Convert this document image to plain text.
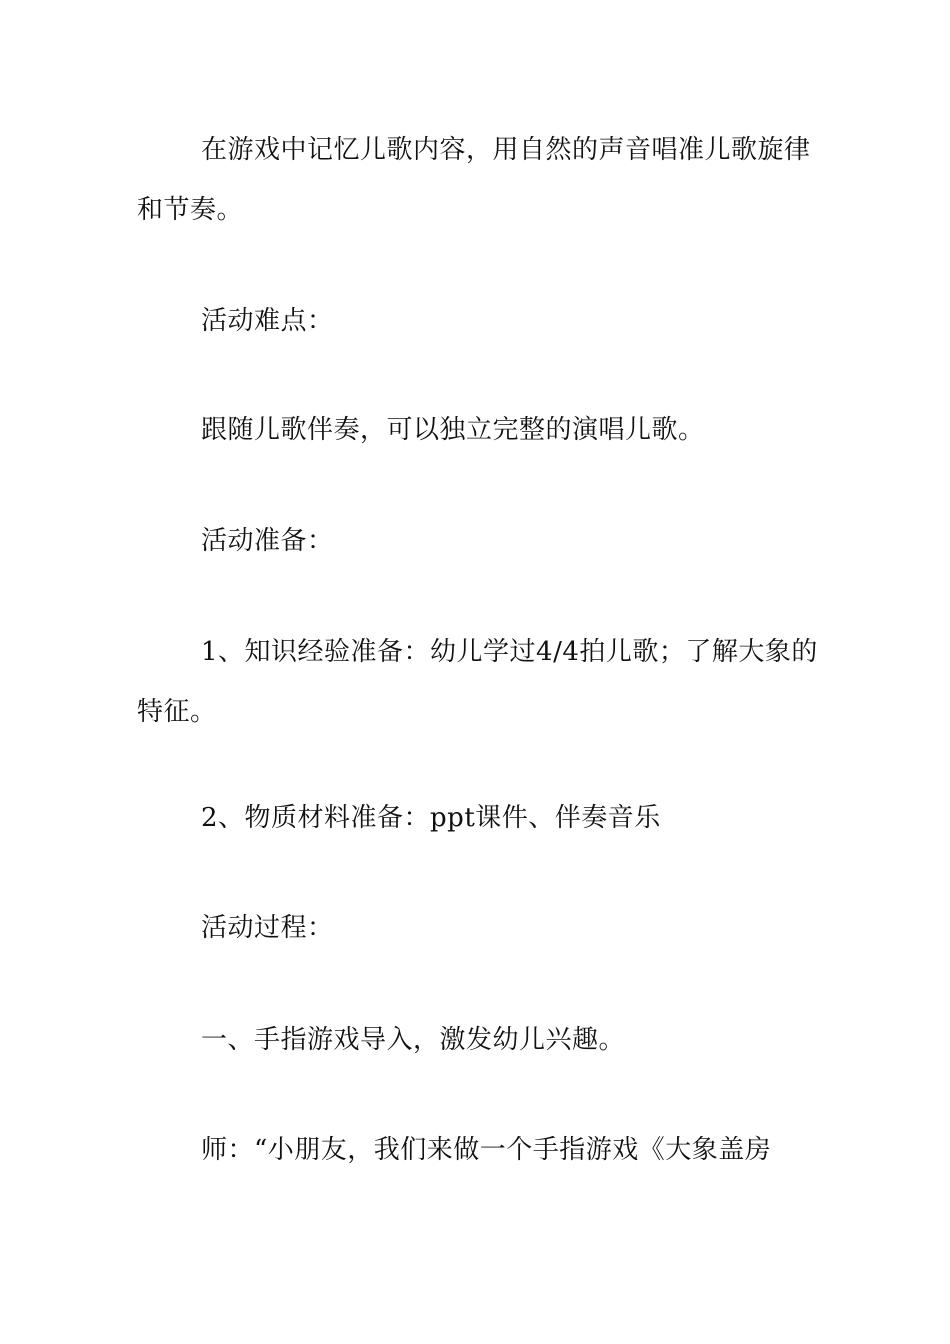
在游戏中记忆儿歌内容，用自然的声音唱准儿歌旋律和节奏。

活动难点：

跟随儿歌伴奏，可以独立完整的演唱儿歌。

活动准备：

1、知识经验准备：幼儿学过4/4拍儿歌；了解大象的特征。

2、物质材料准备：ppt课件、伴奏音乐

活动过程：

一、手指游戏导入，激发幼儿兴趣。

师：“小朋友，我们来做一个手指游戏《大象盖房
